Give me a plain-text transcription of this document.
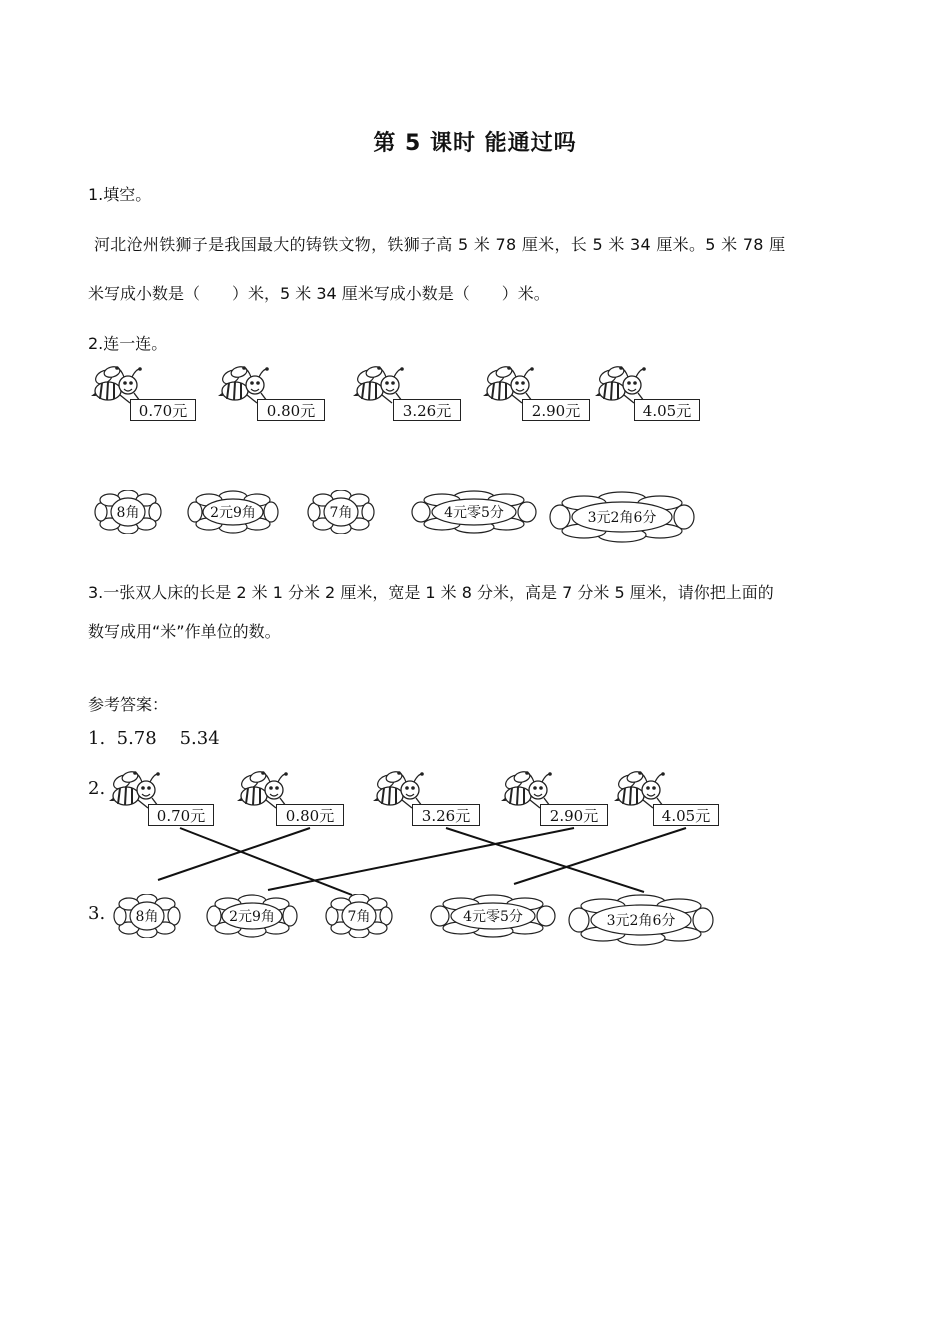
第 5 课时 能通过吗
1.填空。
河北沧州铁狮子是我国最大的铸铁文物，铁狮子高 5 米 78 厘米，长 5 米 34 厘米。5 米 78 厘
米写成小数是（　　）米，5 米 34 厘米写成小数是（　　）米。
2.连一连。
0.70元	0.80元	3.26元	2.90元	4.05元
8角	2元9角	7角	4元零5分	3元2角6分
3.一张双人床的长是 2 米 1 分米 2 厘米，宽是 1 米 8 分米，高是 7 分米 5 厘米，请你把上面的
数写成用“米”作单位的数。
参考答案：
1.  5.78    5.34
2.
3.
0.70元	0.80元	3.26元	2.90元	4.05元
8角	2元9角	7角	4元零5分	3元2角6分
